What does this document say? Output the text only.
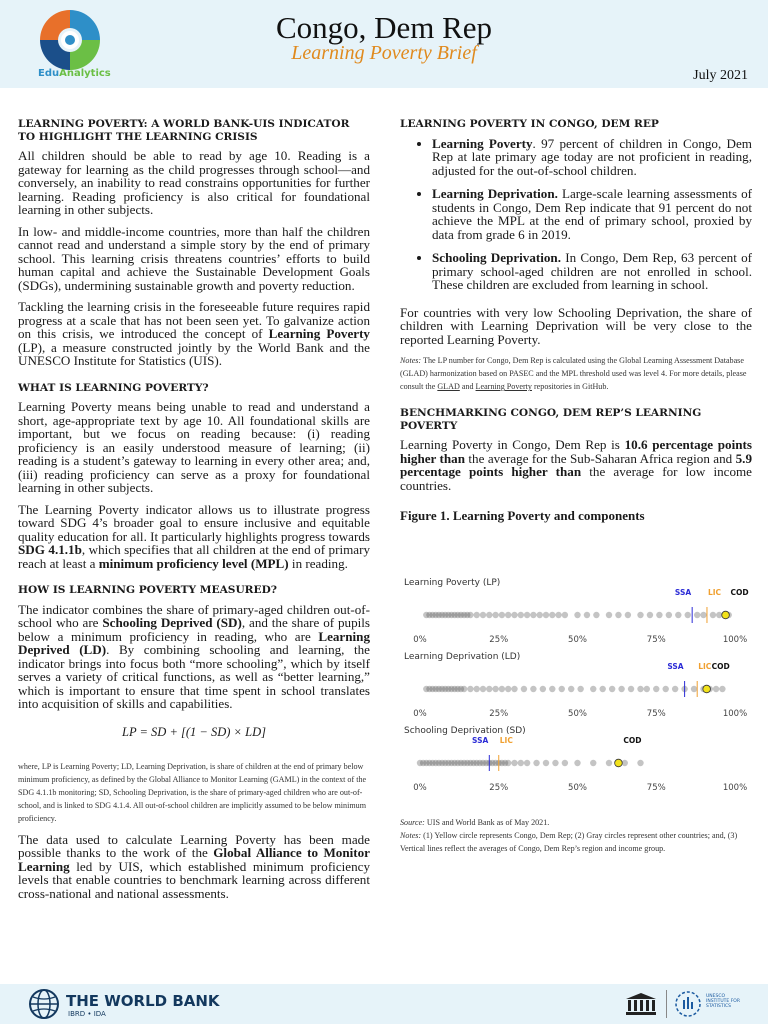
EduAnalytics
Congo, Dem Rep
Learning Poverty Brief
July 2021
LEARNING POVERTY: A WORLD BANK-UIS INDICATOR TO HIGHLIGHT THE LEARNING CRISIS

All children should be able to read by age 10. Reading is a gateway for learning as the child progresses through school—and conversely, an inability to read constrains opportunities for further learning. Reading proficiency is also critical for foundational learning in other subjects.

In low- and middle-income countries, more than half the children cannot read and understand a simple story by the end of primary school. This learning crisis threatens countries’ efforts to build human capital and achieve the Sustainable Development Goals (SDGs), undermining sustainable growth and poverty reduction.

Tackling the learning crisis in the foreseeable future requires rapid progress at a scale that has not been seen yet. To galvanize action on this crisis, we introduced the concept of Learning Poverty (LP), a measure constructed jointly by the World Bank and the UNESCO Institute for Statistics (UIS).

WHAT IS LEARNING POVERTY?

Learning Poverty means being unable to read and understand a short, age-appropriate text by age 10. All foundational skills are important, but we focus on reading because: (i) reading proficiency is an easily understood measure of learning; (ii) reading is a student’s gateway to learning in every other area; and, (iii) reading proficiency can serve as a proxy for foundational learning in other subjects.

The Learning Poverty indicator allows us to illustrate progress toward SDG 4’s broader goal to ensure inclusive and equitable quality education for all. It particularly highlights progress towards SDG 4.1.1b, which specifies that all children at the end of primary reach at least a minimum proficiency level (MPL) in reading.

HOW IS LEARNING POVERTY MEASURED?

The indicator combines the share of primary-aged children out-of-school who are Schooling Deprived (SD), and the share of pupils below a minimum proficiency in reading, who are Learning Deprived (LD). By combining schooling and learning, the indicator brings into focus both “more schooling”, which by itself serves a variety of critical functions, as well as “better learning,” which is important to ensure that time spent in school translates into acquisition of skills and capabilities.

LP = SD + [(1 − SD) × LD]

where, LP is Learning Poverty; LD, Learning Deprivation, is share of children at the end of primary below minimum proficiency, as defined by the Global Alliance to Monitor Learning (GAML) in the context of the SDG 4.1.1b monitoring; SD, Schooling Deprivation, is the share of primary-aged children who are out-of-school, and is linked to SDG 4.1.4. All out-of-school children are implicitly assumed to be below minimum proficiency.

The data used to calculate Learning Poverty has been made possible thanks to the work of the Global Alliance to Monitor Learning led by UIS, which established minimum proficiency levels that enable countries to benchmark learning across different cross-national and national assessments.

LEARNING POVERTY IN CONGO, DEM REP
• Learning Poverty. 97 percent of children in Congo, Dem Rep at late primary age today are not proficient in reading, adjusted for the out-of-school children.
• Learning Deprivation. Large-scale learning assessments of students in Congo, Dem Rep indicate that 91 percent do not achieve the MPL at the end of primary school, proxied by data from grade 6 in 2019.
• Schooling Deprivation. In Congo, Dem Rep, 63 percent of primary school-aged children are not enrolled in school. These children are excluded from learning in school.

For countries with very low Schooling Deprivation, the share of children with Learning Deprivation will be very close to the reported Learning Poverty.

Notes: The LP number for Congo, Dem Rep is calculated using the Global Learning Assessment Database (GLAD) harmonization based on PASEC and the MPL threshold used was level 4. For more details, please consult the GLAD and Learning Poverty repositories in GitHub.

BENCHMARKING CONGO, DEM REP’S LEARNING POVERTY

Learning Poverty in Congo, Dem Rep is 10.6 percentage points higher than the average for the Sub-Saharan Africa region and 5.9 percentage points higher than the average for low income countries.

Figure 1. Learning Poverty and components
Learning Poverty (LP)
SSA LIC COD
0%	25%	50%	75%	100%
Learning Deprivation (LD)
SSA LIC COD
0%	25%	50%	75%	100%
Schooling Deprivation (SD)
SSA LIC	COD
0%	25%	50%	75%	100%

Source: UIS and World Bank as of May 2021.

Notes: (1) Yellow circle represents Congo, Dem Rep; (2) Gray circles represent other countries; and, (3) Vertical lines reflect the averages of Congo, Dem Rep’s region and income group.

THE WORLD BANK
IBRD • IDA
UNESCO INSTITUTE FOR STATISTICS
